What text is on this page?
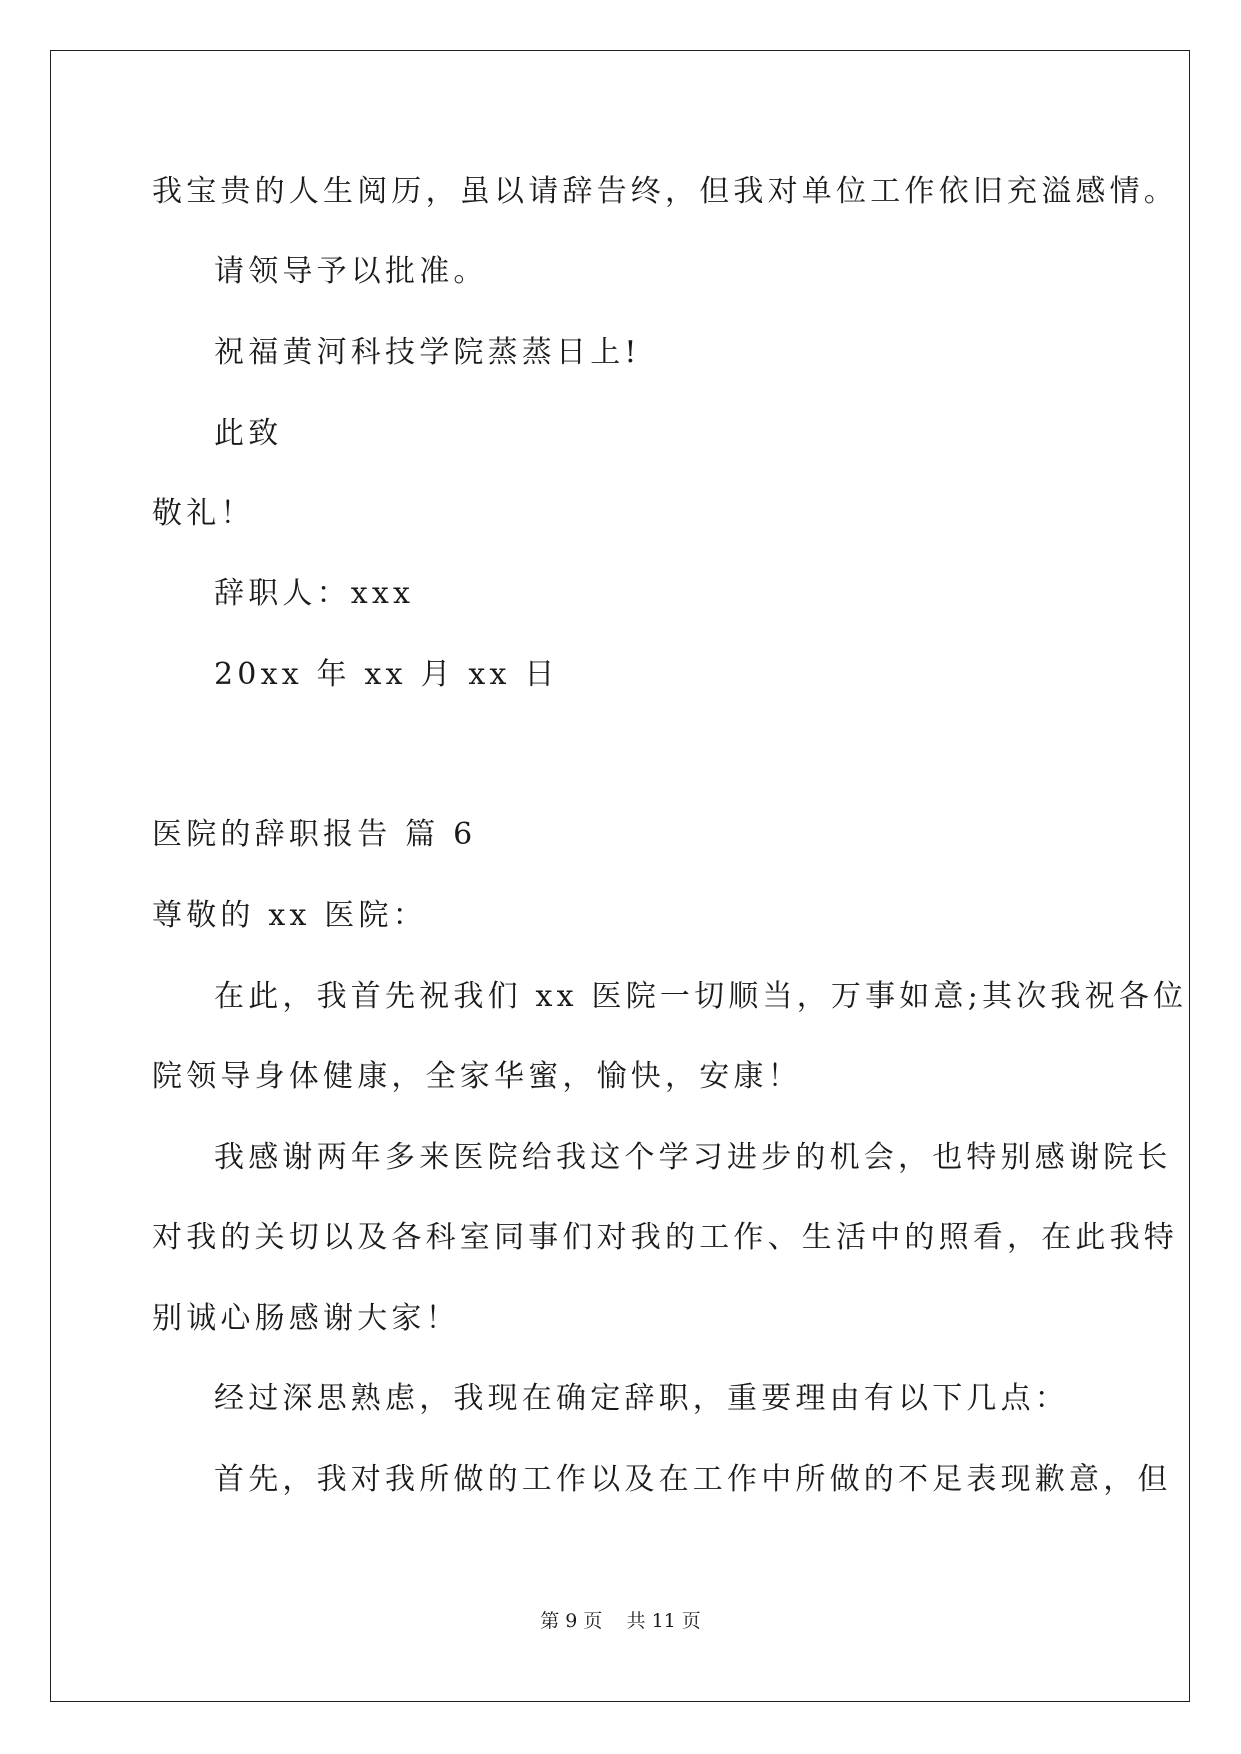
我宝贵的人生阅历，虽以请辞告终，但我对单位工作依旧充溢感情。
请领导予以批准。
祝福黄河科技学院蒸蒸日上!
此致
敬礼！
辞职人：xxx
20xx 年 xx 月 xx 日
医院的辞职报告 篇 6
尊敬的 xx 医院：
在此，我首先祝我们 xx 医院一切顺当，万事如意;其次我祝各位
院领导身体健康，全家华蜜，愉快，安康！
我感谢两年多来医院给我这个学习进步的机会，也特别感谢院长
对我的关切以及各科室同事们对我的工作、生活中的照看，在此我特
别诚心肠感谢大家！
经过深思熟虑，我现在确定辞职，重要理由有以下几点：
首先，我对我所做的工作以及在工作中所做的不足表现歉意，但
第 9 页    共 11 页
